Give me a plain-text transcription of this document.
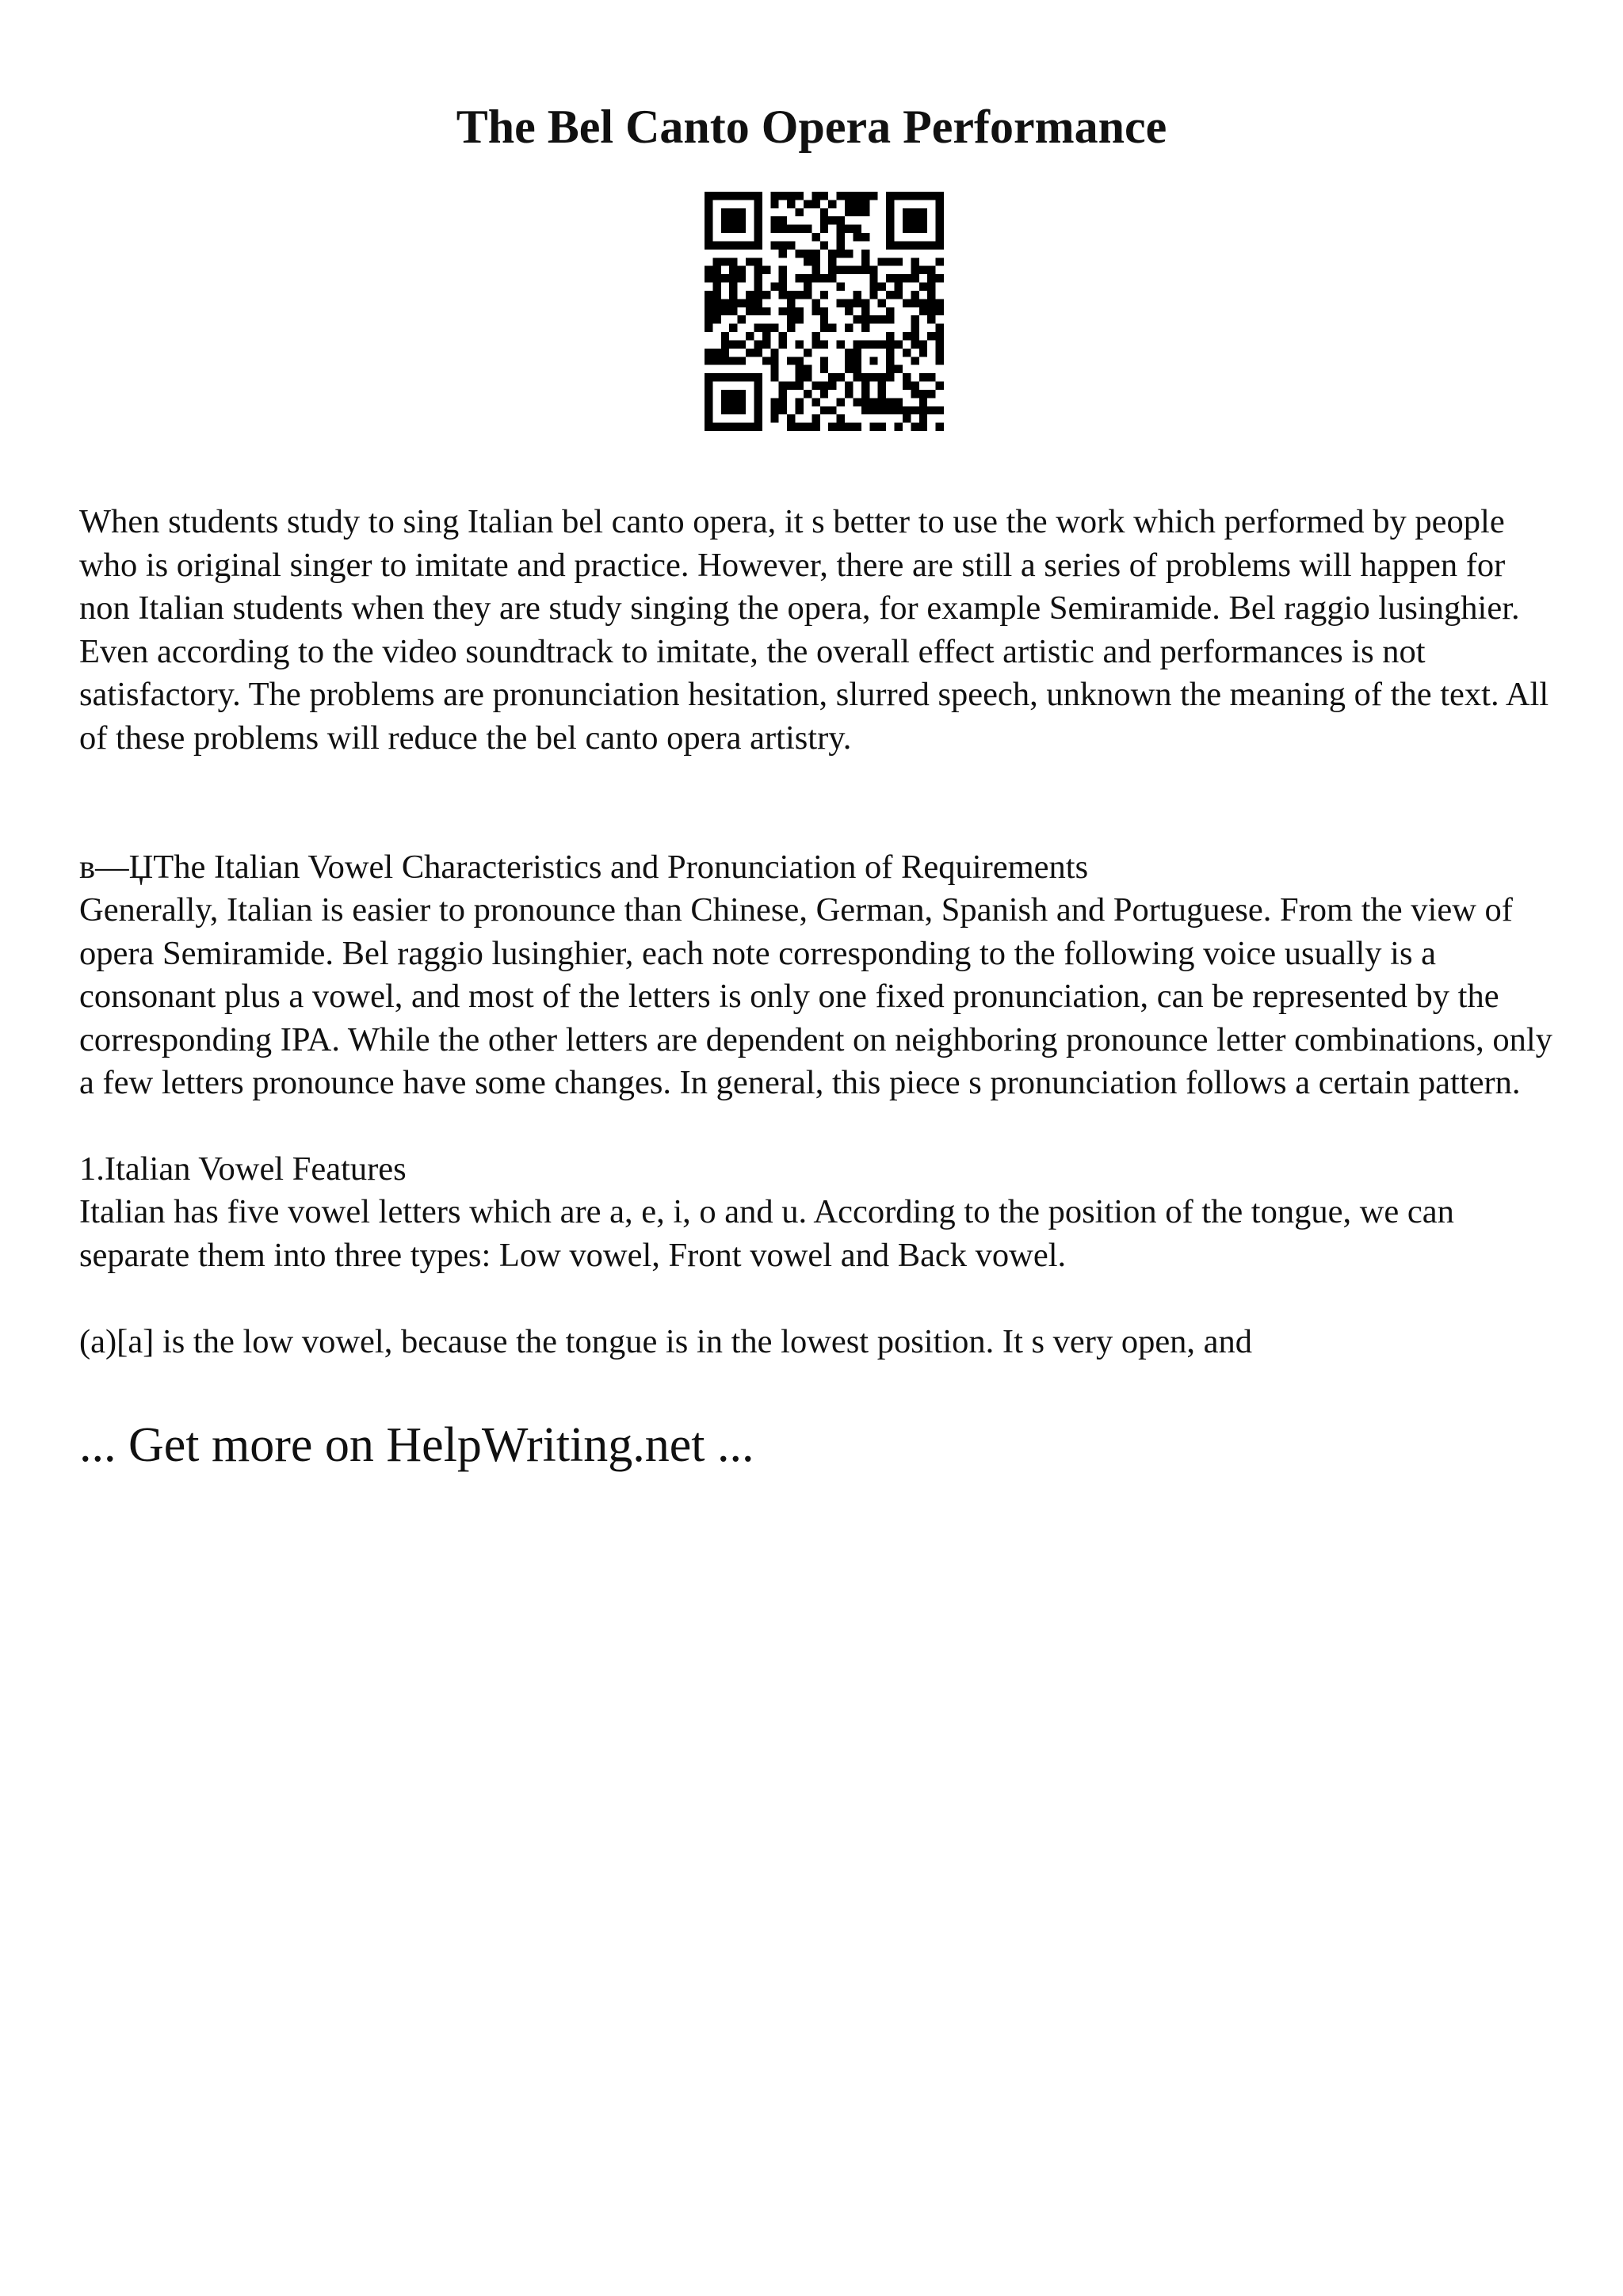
The Bel Canto Opera Performance

When students study to sing Italian bel canto opera, it s better to use the work which performed by people who is original singer to imitate and practice. However, there are still a series of problems will happen for non Italian students when they are study singing the opera, for example Semiramide. Bel raggio lusinghier. Even according to the video soundtrack to imitate, the overall effect artistic and performances is not satisfactory. The problems are pronunciation hesitation, slurred speech, unknown the meaning of the text. All of these problems will reduce the bel canto opera artistry.

в—ЏThe Italian Vowel Characteristics and Pronunciation of Requirements

Generally, Italian is easier to pronounce than Chinese, German, Spanish and Portuguese. From the view of opera Semiramide. Bel raggio lusinghier, each note corresponding to the following voice usually is a consonant plus a vowel, and most of the letters is only one fixed pronunciation, can be represented by the corresponding IPA. While the other letters are dependent on neighboring pronounce letter combinations, only a few letters pronounce have some changes. In general, this piece s pronunciation follows a certain pattern.

1.Italian Vowel Features

Italian has five vowel letters which are a, e, i, o and u. According to the position of the tongue, we can separate them into three types: Low vowel, Front vowel and Back vowel.

(a)[a] is the low vowel, because the tongue is in the lowest position. It s very open, and

... Get more on HelpWriting.net ...
